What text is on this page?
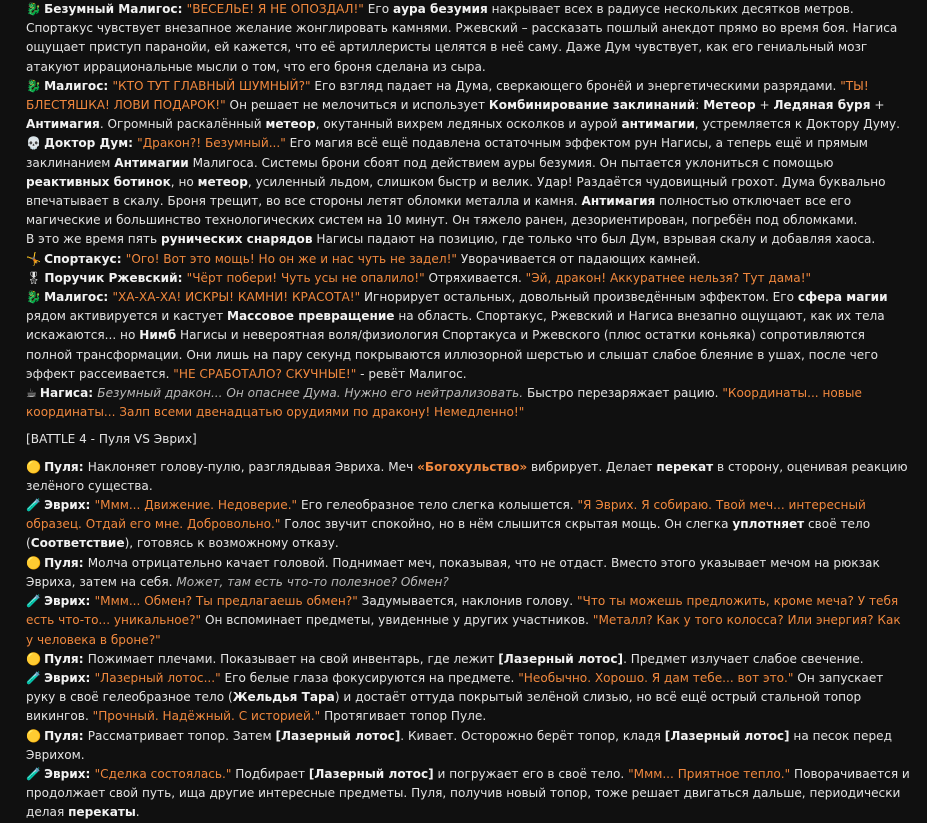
🐉 Безумный Малигос: "ВЕСЕЛЬЕ! Я НЕ ОПОЗДАЛ!" Его аура безумия накрывает всех в радиусе нескольких десятков метров. Спортакус чувствует внезапное желание жонглировать камнями. Ржевский – рассказать пошлый анекдот прямо во время боя. Нагиса ощущает приступ паранойи, ей кажется, что её артиллеристы целятся в неё саму. Даже Дум чувствует, как его гениальный мозг атакуют иррациональные мысли о том, что его броня сделана из сыра.

🐉 Малигос: "КТО ТУТ ГЛАВНЫЙ ШУМНЫЙ?" Его взгляд падает на Дума, сверкающего бронёй и энергетическими разрядами. "ТЫ! БЛЕСТЯШКА! ЛОВИ ПОДАРОК!" Он решает не мелочиться и использует Комбинирование заклинаний: Метеор + Ледяная буря + Антимагия. Огромный раскалённый метеор, окутанный вихрем ледяных осколков и аурой антимагии, устремляется к Доктору Думу.

💀 Доктор Дум: "Дракон?! Безумный..." Его магия всё ещё подавлена остаточным эффектом рун Нагисы, а теперь ещё и прямым заклинанием Антимагии Малигоса. Системы брони сбоят под действием ауры безумия. Он пытается уклониться с помощью реактивных ботинок, но метеор, усиленный льдом, слишком быстр и велик. Удар! Раздаётся чудовищный грохот. Дума буквально впечатывает в скалу. Броня трещит, во все стороны летят обломки металла и камня. Антимагия полностью отключает все его магические и большинство технологических систем на 10 минут. Он тяжело ранен, дезориентирован, погребён под обломками.

В это же время пять рунических снарядов Нагисы падают на позицию, где только что был Дум, взрывая скалу и добавляя хаоса.

🤸 Спортакус: "Ого! Вот это мощь! Но он же и нас чуть не задел!" Уворачивается от падающих камней.

🎖 Поручик Ржевский: "Чёрт побери! Чуть усы не опалило!" Отряхивается. "Эй, дракон! Аккуратнее нельзя? Тут дама!"

🐉 Малигос: "ХА-ХА-ХА! ИСКРЫ! КАМНИ! КРАСОТА!" Игнорирует остальных, довольный произведённым эффектом. Его сфера магии рядом активируется и кастует Массовое превращение на область. Спортакус, Ржевский и Нагиса внезапно ощущают, как их тела искажаются... но Нимб Нагисы и невероятная воля/физиология Спортакуса и Ржевского (плюс остатки коньяка) сопротивляются полной трансформации. Они лишь на пару секунд покрываются иллюзорной шерстью и слышат слабое блеяние в ушах, после чего эффект рассеивается. "НЕ СРАБОТАЛО? СКУЧНЫЕ!" - ревёт Малигос.

☕ Нагиса: Безумный дракон... Он опаснее Дума. Нужно его нейтрализовать. Быстро перезаряжает рацию. "Координаты... новые координаты... Залп всеми двенадцатью орудиями по дракону! Немедленно!"

[BATTLE 4 - Пуля VS Эврих]

🟡 Пуля: Наклоняет голову-пулю, разглядывая Эвриха. Меч «Богохульство» вибрирует. Делает перекат в сторону, оценивая реакцию зелёного существа.

🧪 Эврих: "Ммм... Движение. Недоверие." Его гелеобразное тело слегка колышется. "Я Эврих. Я собираю. Твой меч... интересный образец. Отдай его мне. Добровольно." Голос звучит спокойно, но в нём слышится скрытая мощь. Он слегка уплотняет своё тело (Соответствие), готовясь к возможному отказу.

🟡 Пуля: Молча отрицательно качает головой. Поднимает меч, показывая, что не отдаст. Вместо этого указывает мечом на рюкзак Эвриха, затем на себя. Может, там есть что-то полезное? Обмен?

🧪 Эврих: "Ммм... Обмен? Ты предлагаешь обмен?" Задумывается, наклонив голову. "Что ты можешь предложить, кроме меча? У тебя есть что-то... уникальное?" Он вспоминает предметы, увиденные у других участников. "Металл? Как у того колосса? Или энергия? Как у человека в броне?"

🟡 Пуля: Пожимает плечами. Показывает на свой инвентарь, где лежит [Лазерный лотос]. Предмет излучает слабое свечение.

🧪 Эврих: "Лазерный лотос..." Его белые глаза фокусируются на предмете. "Необычно. Хорошо. Я дам тебе... вот это." Он запускает руку в своё гелеобразное тело (Жельдья Тара) и достаёт оттуда покрытый зелёной слизью, но всё ещё острый стальной топор викингов. "Прочный. Надёжный. С историей." Протягивает топор Пуле.

🟡 Пуля: Рассматривает топор. Затем [Лазерный лотос]. Кивает. Осторожно берёт топор, кладя [Лазерный лотос] на песок перед Эврихом.

🧪 Эврих: "Сделка состоялась." Подбирает [Лазерный лотос] и погружает его в своё тело. "Ммм... Приятное тепло." Поворачивается и продолжает свой путь, ища другие интересные предметы. Пуля, получив новый топор, тоже решает двигаться дальше, периодически делая перекаты.
